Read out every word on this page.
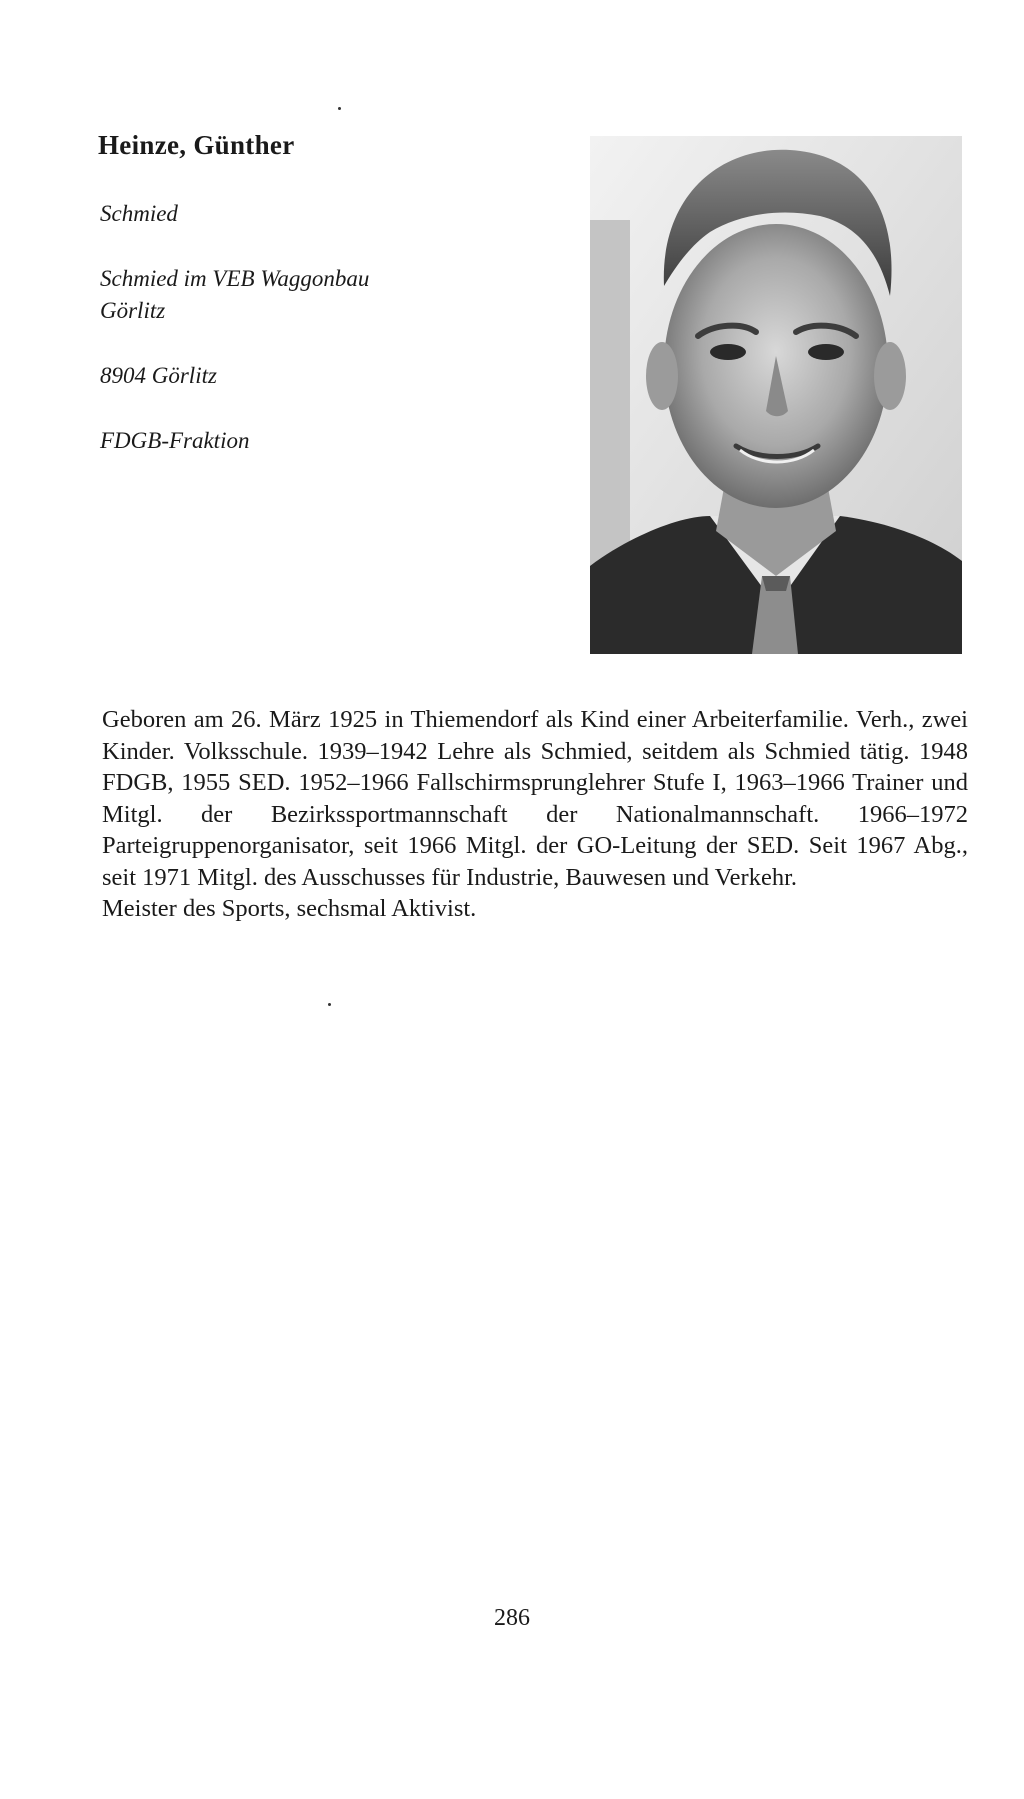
Heinze, Günther

Schmied

Schmied im VEB Waggonbau

Görlitz

8904 Görlitz

FDGB-Fraktion

Geboren am 26. März 1925 in Thiemendorf als Kind einer Arbeiterfamilie. Verh., zwei Kinder. Volksschule. 1939–1942 Lehre als Schmied, seitdem als Schmied tätig. 1948 FDGB, 1955 SED. 1952–1966 Fallschirmsprunglehrer Stufe I, 1963–1966 Trainer und Mitgl. der Bezirkssportmannschaft der Nationalmannschaft. 1966–1972 Parteigruppenorganisator, seit 1966 Mitgl. der GO-Leitung der SED. Seit 1967 Abg., seit 1971 Mitgl. des Ausschusses für Industrie, Bauwesen und Verkehr.

Meister des Sports, sechsmal Aktivist.

286
